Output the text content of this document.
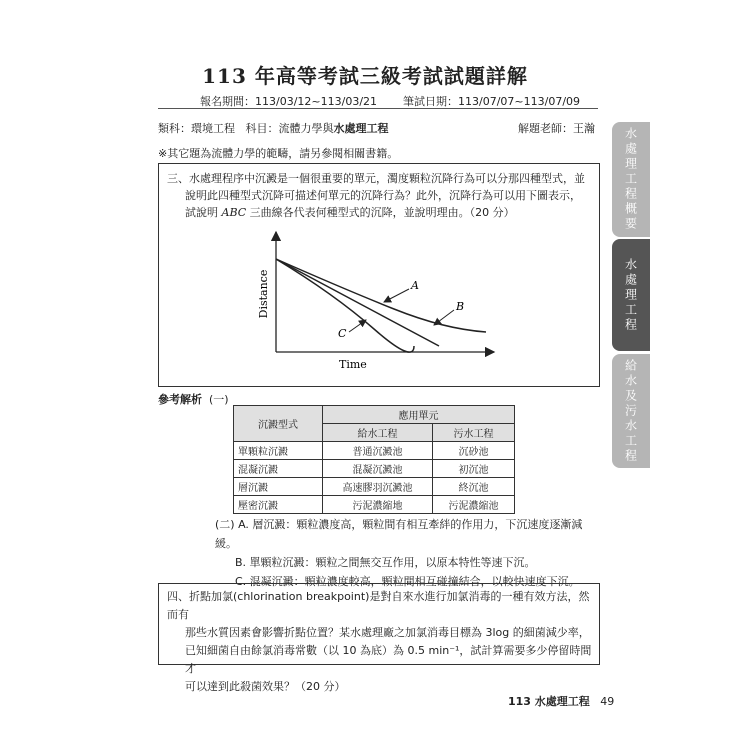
113 年高等考試三級考試試題詳解
報名期間：113/03/12~113/03/21 筆試日期：113/07/07~113/07/09
類科：環境工程 科目：流體力學與水處理工程	解題老師：王瀚
※其它題為流體力學的範疇，請另參閱相關書籍。
三、水處理程序中沉澱是一個很重要的單元，濁度顆粒沉降行為可以分那四種型式，並
說明此四種型式沉降可描述何單元的沉降行為？此外，沉降行為可以用下圖表示，
試說明 ABC 三曲線各代表何種型式的沉降，並說明理由。（20 分）
A
B
C
Distance
Time
參考解析 (一)
沉澱型式	應用單元	
	給水工程	污水工程
單顆粒沉澱	普通沉澱池	沉砂池
混凝沉澱	混凝沉澱池	初沉池
層沉澱	高速膠羽沉澱池	終沉池
壓密沉澱	污泥濃縮地	污泥濃縮池
(二) A. 層沉澱：顆粒濃度高，顆粒間有相互牽絆的作用力，下沉速度逐漸減緩。
B. 單顆粒沉澱：顆粒之間無交互作用，以原本特性等速下沉。
C. 混凝沉澱：顆粒濃度較高，顆粒間相互碰撞結合，以較快速度下沉。
四、折點加氯(chlorination breakpoint)是對自來水進行加氯消毒的一種有效方法，然而有
那些水質因素會影響折點位置？某水處理廠之加氯消毒目標為 3log 的細菌減少率，
已知細菌自由餘氯消毒常數（以 10 為底）為 0.5 min⁻¹，試計算需要多少停留時間才
可以達到此殺菌效果？（20 分）
水處理工程概要
水處理工程
給水及污水工程
113 水處理工程 49
